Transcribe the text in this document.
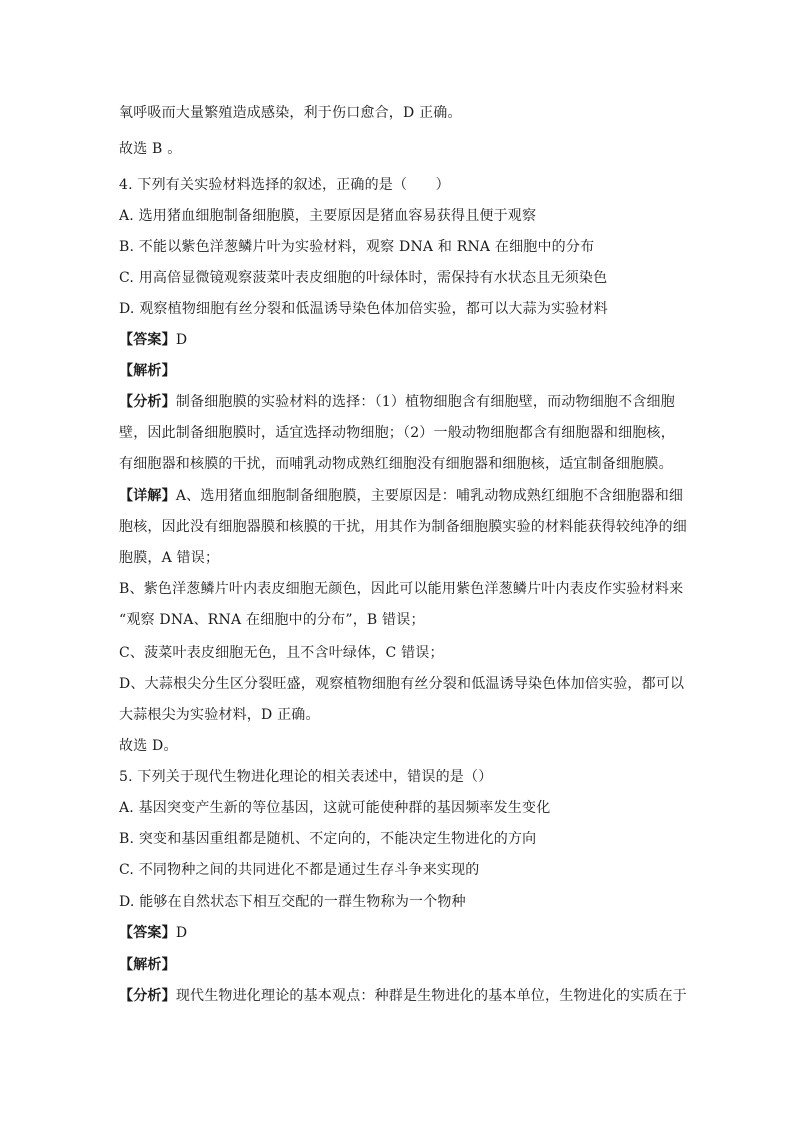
氧呼吸而大量繁殖造成感染，利于伤口愈合，D 正确。
故选 B 。
4. 下列有关实验材料选择的叙述，正确的是（　　）
A. 选用猪血细胞制备细胞膜，主要原因是猪血容易获得且便于观察
B. 不能以紫色洋葱鳞片叶为实验材料，观察 DNA 和 RNA 在细胞中的分布
C. 用高倍显微镜观察菠菜叶表皮细胞的叶绿体时，需保持有水状态且无须染色
D. 观察植物细胞有丝分裂和低温诱导染色体加倍实验，都可以大蒜为实验材料
【答案】D
【解析】
【分析】制备细胞膜的实验材料的选择：（1）植物细胞含有细胞壁，而动物细胞不含细胞
壁，因此制备细胞膜时，适宜选择动物细胞；（2）一般动物细胞都含有细胞器和细胞核，
有细胞器和核膜的干扰，而哺乳动物成熟红细胞没有细胞器和细胞核，适宜制备细胞膜。
【详解】A、选用猪血细胞制备细胞膜，主要原因是：哺乳动物成熟红细胞不含细胞器和细
胞核，因此没有细胞器膜和核膜的干扰，用其作为制备细胞膜实验的材料能获得较纯净的细
胞膜，A 错误；
B、紫色洋葱鳞片叶内表皮细胞无颜色，因此可以能用紫色洋葱鳞片叶内表皮作实验材料来
“观察 DNA、RNA 在细胞中的分布”，B 错误；
C、菠菜叶表皮细胞无色，且不含叶绿体，C 错误；
D、大蒜根尖分生区分裂旺盛，观察植物细胞有丝分裂和低温诱导染色体加倍实验，都可以
大蒜根尖为实验材料，D 正确。
故选 D。
5. 下列关于现代生物进化理论的相关表述中，错误的是（）
A. 基因突变产生新的等位基因，这就可能使种群的基因频率发生变化
B. 突变和基因重组都是随机、不定向的，不能决定生物进化的方向
C. 不同物种之间的共同进化不都是通过生存斗争来实现的
D. 能够在自然状态下相互交配的一群生物称为一个物种
【答案】D
【解析】
【分析】现代生物进化理论的基本观点：种群是生物进化的基本单位，生物进化的实质在于
